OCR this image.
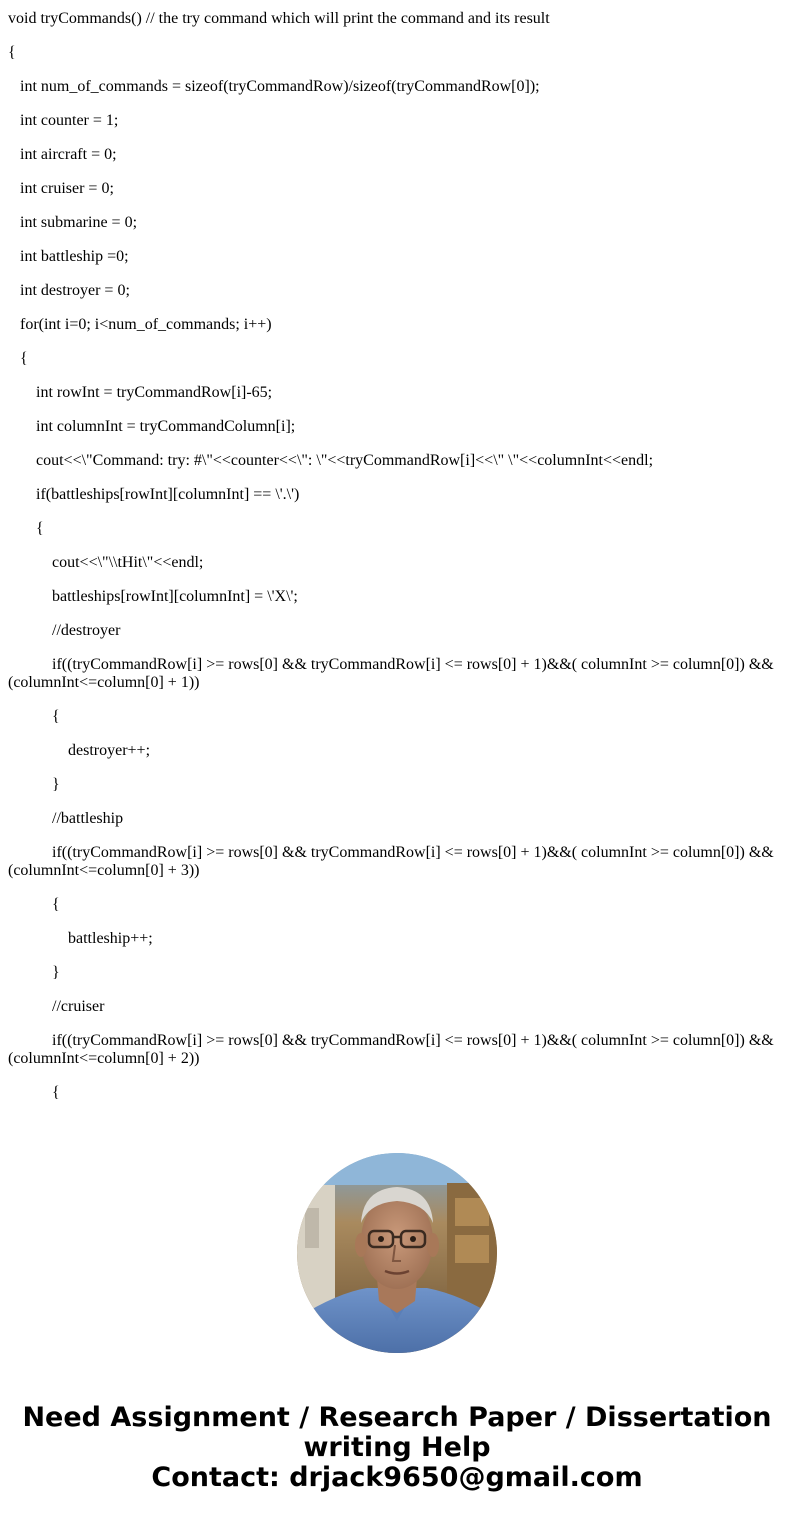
void tryCommands() // the try command which will print the command and its result
{
int num_of_commands = sizeof(tryCommandRow)/sizeof(tryCommandRow[0]);
int counter = 1;
int aircraft = 0;
int cruiser = 0;
int submarine = 0;
int battleship =0;
int destroyer = 0;
for(int i=0; i<num_of_commands; i++)
{
int rowInt = tryCommandRow[i]-65;
int columnInt = tryCommandColumn[i];
cout<<\"Command: try: #\"<<counter<<\": \"<<tryCommandRow[i]<<\" \"<<columnInt<<endl;
if(battleships[rowInt][columnInt] == \'.\')
{
cout<<\"\\tHit\"<<endl;
battleships[rowInt][columnInt] = \'X\';
//destroyer
if((tryCommandRow[i] >= rows[0] && tryCommandRow[i] <= rows[0] + 1)&&( columnInt >= column[0]) && (columnInt<=column[0] + 1))
{
destroyer++;
}
//battleship
if((tryCommandRow[i] >= rows[0] && tryCommandRow[i] <= rows[0] + 1)&&( columnInt >= column[0]) && (columnInt<=column[0] + 3))
{
battleship++;
}
//cruiser
if((tryCommandRow[i] >= rows[0] && tryCommandRow[i] <= rows[0] + 1)&&( columnInt >= column[0]) && (columnInt<=column[0] + 2))
{
Need Assignment / Research Paper / Dissertation
writing Help
Contact: drjack9650@gmail.com
